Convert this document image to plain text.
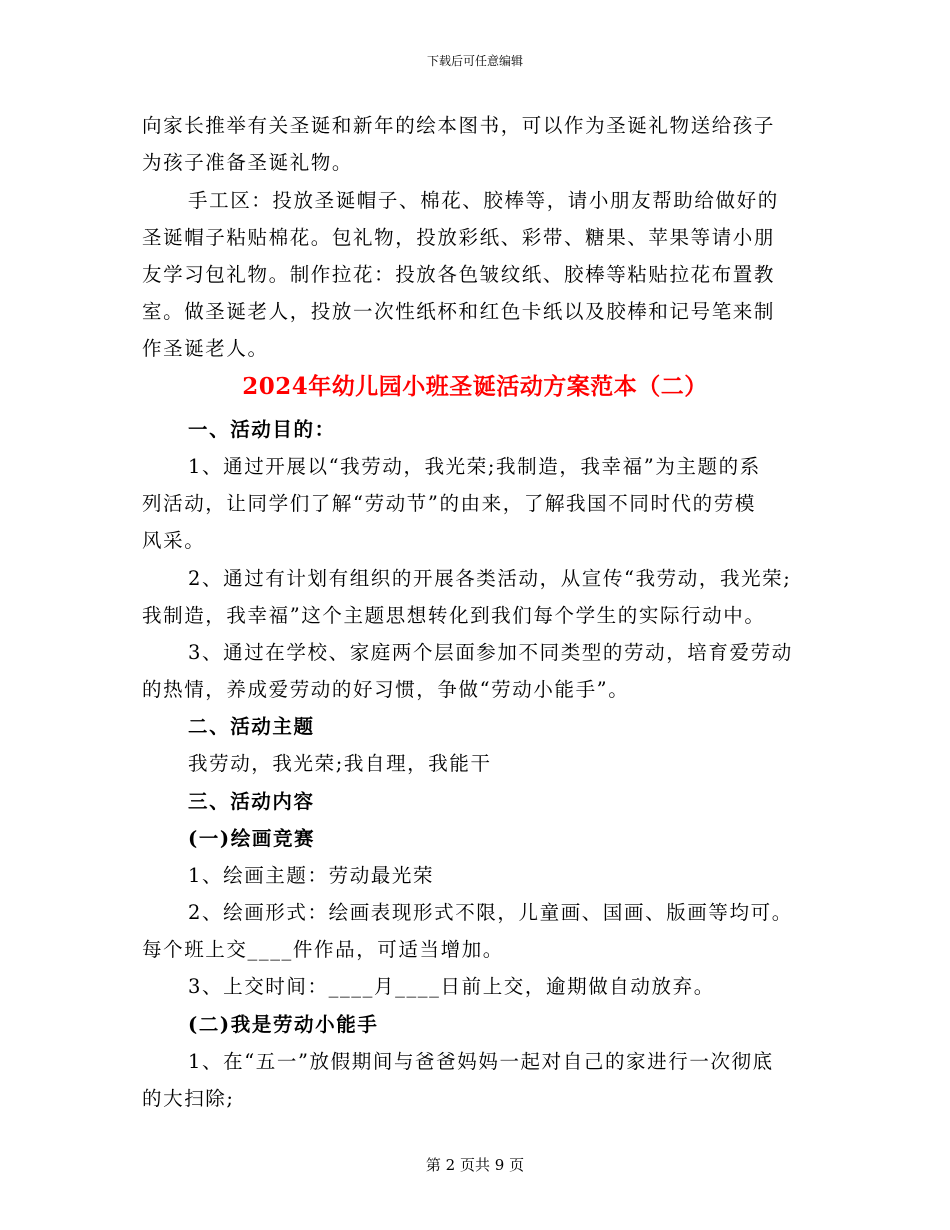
下载后可任意编辑
向家长推举有关圣诞和新年的绘本图书，可以作为圣诞礼物送给孩子
为孩子准备圣诞礼物。
手工区：投放圣诞帽子、棉花、胶棒等，请小朋友帮助给做好的
圣诞帽子粘贴棉花。包礼物，投放彩纸、彩带、糖果、苹果等请小朋
友学习包礼物。制作拉花：投放各色皱纹纸、胶棒等粘贴拉花布置教
室。做圣诞老人，投放一次性纸杯和红色卡纸以及胶棒和记号笔来制
作圣诞老人。
2024年幼儿园小班圣诞活动方案范本（二）
一、活动目的：
1、通过开展以“我劳动，我光荣;我制造，我幸福”为主题的系
列活动，让同学们了解“劳动节”的由来，了解我国不同时代的劳模
风采。
2、通过有计划有组织的开展各类活动，从宣传“我劳动，我光荣;
我制造，我幸福”这个主题思想转化到我们每个学生的实际行动中。
3、通过在学校、家庭两个层面参加不同类型的劳动，培育爱劳动
的热情，养成爱劳动的好习惯，争做“劳动小能手”。
二、活动主题
我劳动，我光荣;我自理，我能干
三、活动内容
(一)绘画竞赛
1、绘画主题：劳动最光荣
2、绘画形式：绘画表现形式不限，儿童画、国画、版画等均可。
每个班上交____件作品，可适当增加。
3、上交时间：____月____日前上交，逾期做自动放弃。
(二)我是劳动小能手
1、在“五一”放假期间与爸爸妈妈一起对自己的家进行一次彻底
的大扫除;
第 2 页共 9 页
